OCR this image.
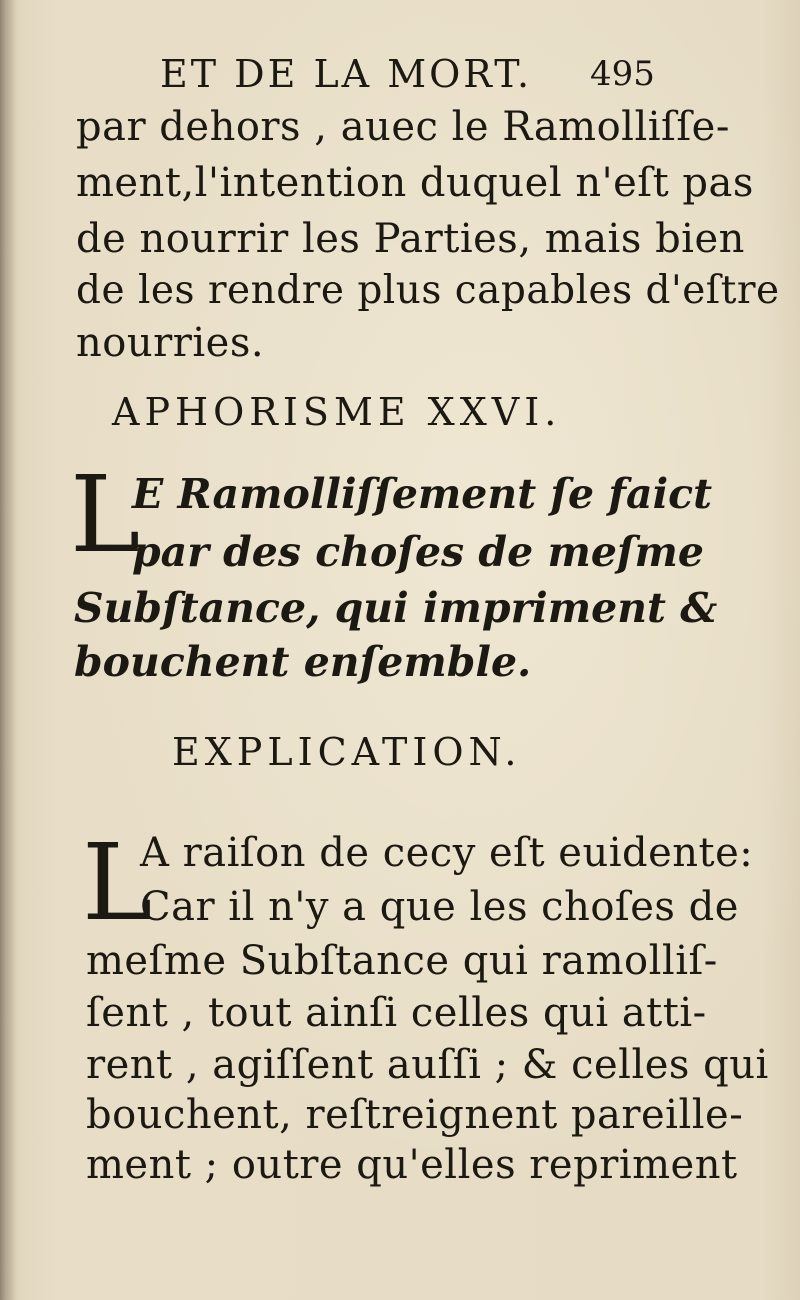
ET DE LA MORT. 495
par dehors , auec le Ramolliſſe-
ment,l'intention duquel n'eſt pas
de nourrir les Parties, mais bien
de les rendre plus capables d'eſtre
nourries.
APHORISME XXVI.
L
E Ramolliſſement ſe faict
par des choſes de meſme
Subſtance, qui impriment &
bouchent enſemble.
EXPLICATION.
L
A raiſon de cecy eſt euidente:
Car il n'y a que les choſes de
meſme Subſtance qui ramolliſ-
ſent , tout ainſi celles qui atti-
rent , agiſſent auſſi ; & celles qui
bouchent, reſtreignent pareille-
ment ; outre qu'elles repriment
